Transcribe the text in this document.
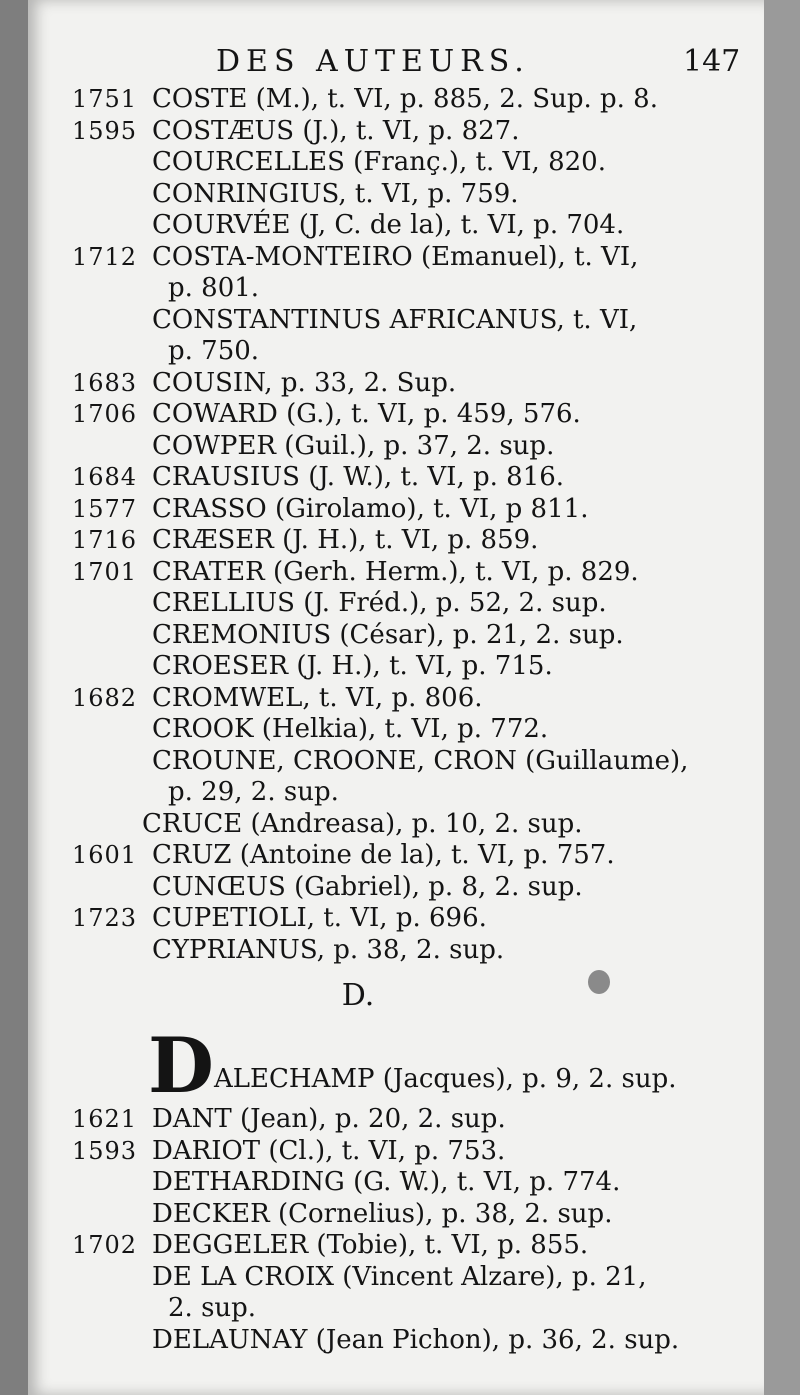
DES AUTEURS.	147
1751 COSTE (M.), t. VI, p. 885, 2. Sup. p. 8.
1595 COSTÆUS (J.), t. VI, p. 827.
COURCELLES (Franç.), t. VI, 820.
CONRINGIUS, t. VI, p. 759.
COURVÉE (J, C. de la), t. VI, p. 704.
1712 COSTA-MONTEIRO (Emanuel), t. VI,
p. 801.
CONSTANTINUS AFRICANUS, t. VI,
p. 750.
1683 COUSIN, p. 33, 2. Sup.
1706 COWARD (G.), t. VI, p. 459, 576.
COWPER (Guil.), p. 37, 2. sup.
1684 CRAUSIUS (J. W.), t. VI, p. 816.
1577 CRASSO (Girolamo), t. VI, p 811.
1716 CRÆSER (J. H.), t. VI, p. 859.
1701 CRATER (Gerh. Herm.), t. VI, p. 829.
CRELLIUS (J. Fréd.), p. 52, 2. sup.
CREMONIUS (César), p. 21, 2. sup.
CROESER (J. H.), t. VI, p. 715.
1682 CROMWEL, t. VI, p. 806.
CROOK (Helkia), t. VI, p. 772.
CROUNE, CROONE, CRON (Guillaume),
p. 29, 2. sup.
CRUCE (Andreasa), p. 10, 2. sup.
1601 CRUZ (Antoine de la), t. VI, p. 757.
CUNŒUS (Gabriel), p. 8, 2. sup.
1723 CUPETIOLI, t. VI, p. 696.
CYPRIANUS, p. 38, 2. sup.
D.
D ALECHAMP (Jacques), p. 9, 2. sup.
1621 DANT (Jean), p. 20, 2. sup.
1593 DARIOT (Cl.), t. VI, p. 753.
DETHARDING (G. W.), t. VI, p. 774.
DECKER (Cornelius), p. 38, 2. sup.
1702 DEGGELER (Tobie), t. VI, p. 855.
DE LA CROIX (Vincent Alzare), p. 21,
2. sup.
DELAUNAY (Jean Pichon), p. 36, 2. sup.
